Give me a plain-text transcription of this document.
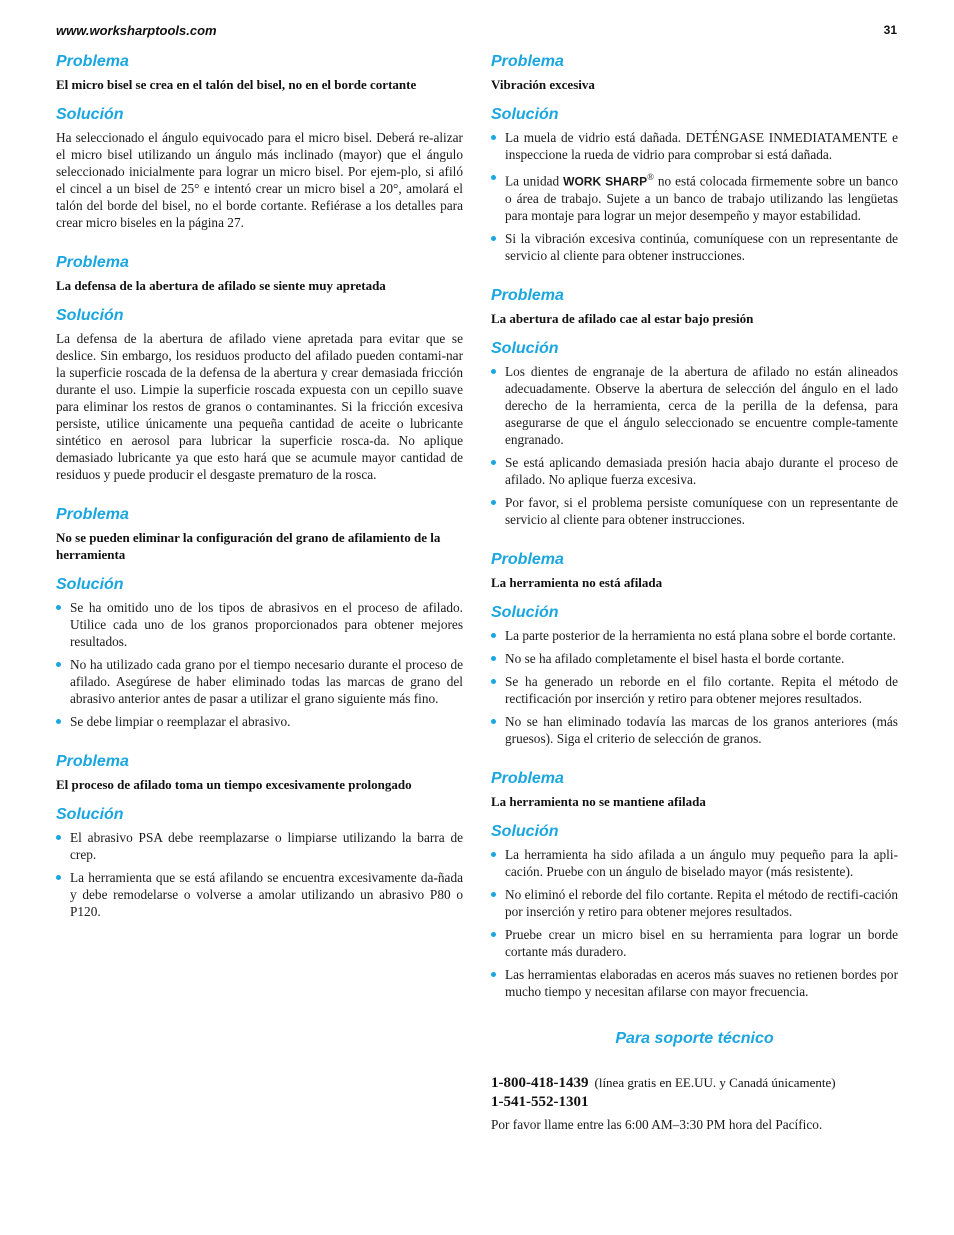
www.worksharptools.com	31
Problema
El micro bisel se crea en el talón del bisel, no en el borde cortante
Solución
Ha seleccionado el ángulo equivocado para el micro bisel. Deberá re-alizar el micro bisel utilizando un ángulo más inclinado (mayor) que el ángulo seleccionado inicialmente para lograr un micro bisel. Por ejem-plo, si afiló el cincel a un bisel de 25° e intentó crear un micro bisel a 20°, amolará el talón del borde del bisel, no el borde cortante. Refiérase a los detalles para crear micro biseles en la página 27.
Problema
La defensa de la abertura de afilado se siente muy apretada
Solución
La defensa de la abertura de afilado viene apretada para evitar que se deslice. Sin embargo, los residuos producto del afilado pueden contami-nar la superficie roscada de la defensa de la abertura y crear demasiada fricción durante el uso. Limpie la superficie roscada expuesta con un cepillo suave para eliminar los restos de granos o contaminantes. Si la fricción excesiva persiste, utilice únicamente una pequeña cantidad de aceite o lubricante sintético en aerosol para lubricar la superficie rosca-da. No aplique demasiado lubricante ya que esto hará que se acumule mayor cantidad de residuos y puede producir el desgaste prematuro de la rosca.
Problema
No se pueden eliminar la configuración del grano de afilamiento de la herramienta
Solución
Se ha omitido uno de los tipos de abrasivos en el proceso de afilado. Utilice cada uno de los granos proporcionados para obtener mejores resultados.
No ha utilizado cada grano por el tiempo necesario durante el proceso de afilado. Asegúrese de haber eliminado todas las marcas de grano del abrasivo anterior antes de pasar a utilizar el grano siguiente más fino.
Se debe limpiar o reemplazar el abrasivo.
Problema
El proceso de afilado toma un tiempo excesivamente prolongado
Solución
El abrasivo PSA debe reemplazarse o limpiarse utilizando la barra de crep.
La herramienta que se está afilando se encuentra excesivamente da-ñada y debe remodelarse o volverse a amolar utilizando un abrasivo P80 o P120.
Problema
Vibración excesiva
Solución
La muela de vidrio está dañada. DETÉNGASE INMEDIATAMENTE e inspeccione la rueda de vidrio para comprobar si está dañada.
La unidad WORK SHARP® no está colocada firmemente sobre un banco o área de trabajo. Sujete a un banco de trabajo utilizando las lengüetas para montaje para lograr un mejor desempeño y mayor estabilidad.
Si la vibración excesiva continúa, comuníquese con un representante de servicio al cliente para obtener instrucciones.
Problema
La abertura de afilado cae al estar bajo presión
Solución
Los dientes de engranaje de la abertura de afilado no están alineados adecuadamente. Observe la abertura de selección del ángulo en el lado derecho de la herramienta, cerca de la perilla de la defensa, para asegurarse de que el ángulo seleccionado se encuentre comple-tamente engranado.
Se está aplicando demasiada presión hacia abajo durante el proceso de afilado. No aplique fuerza excesiva.
Por favor, si el problema persiste comuníquese con un representante de servicio al cliente para obtener instrucciones.
Problema
La herramienta no está afilada
Solución
La parte posterior de la herramienta no está plana sobre el borde cortante.
No se ha afilado completamente el bisel hasta el borde cortante.
Se ha generado un reborde en el filo cortante. Repita el método de rectificación por inserción y retiro para obtener mejores resultados.
No se han eliminado todavía las marcas de los granos anteriores (más gruesos). Siga el criterio de selección de granos.
Problema
La herramienta no se mantiene afilada
Solución
La herramienta ha sido afilada a un ángulo muy pequeño para la apli-cación. Pruebe con un ángulo de biselado mayor (más resistente).
No eliminó el reborde del filo cortante. Repita el método de rectifi-cación por inserción y retiro para obtener mejores resultados.
Pruebe crear un micro bisel en su herramienta para lograr un borde cortante más duradero.
Las herramientas elaboradas en aceros más suaves no retienen bordes por mucho tiempo y necesitan afilarse con mayor frecuencia.
Para soporte técnico
1-800-418-1439 (línea gratis en EE.UU. y Canadá únicamente)
1-541-552-1301
Por favor llame entre las 6:00 AM–3:30 PM hora del Pacífico.
